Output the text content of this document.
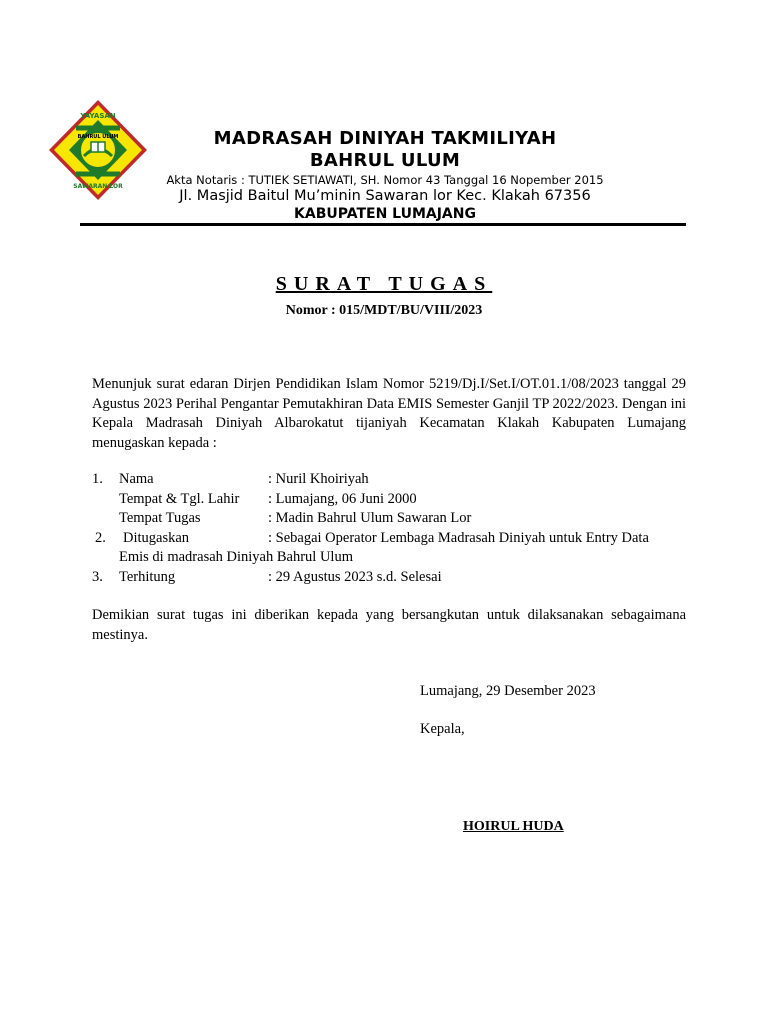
YAYASAN
BAHRUL ULUM
SAWARAN LOR
MADRASAH DINIYAH TAKMILIYAH
BAHRUL ULUM
Akta Notaris : TUTIEK SETIAWATI, SH. Nomor 43 Tanggal 16 Nopember 2015
Jl. Masjid Baitul Mu’minin Sawaran lor Kec. Klakah 67356
KABUPATEN LUMAJANG
SURAT TUGAS
Nomor : 015/MDT/BU/VIII/2023
Menunjuk surat edaran Dirjen Pendidikan Islam Nomor 5219/Dj.I/Set.I/OT.01.1/08/2023 tanggal 29 Agustus 2023 Perihal Pengantar Pemutakhiran Data EMIS Semester Ganjil TP 2022/2023. Dengan ini Kepala Madrasah Diniyah Albarokatut tijaniyah Kecamatan Klakah Kabupaten Lumajang menugaskan kepada :
1. Nama	: Nuril Khoiriyah
Tempat & Tgl. Lahir : Lumajang, 06 Juni 2000
Tempat Tugas	: Madin Bahrul Ulum Sawaran Lor
2. Ditugaskan	: Sebagai Operator Lembaga Madrasah Diniyah untuk Entry Data
Emis di madrasah Diniyah Bahrul Ulum
3. Terhitung	: 29 Agustus 2023 s.d. Selesai
Demikian surat tugas ini diberikan kepada yang bersangkutan untuk dilaksanakan sebagaimana mestinya.
Lumajang, 29 Desember 2023
Kepala,
HOIRUL HUDA
